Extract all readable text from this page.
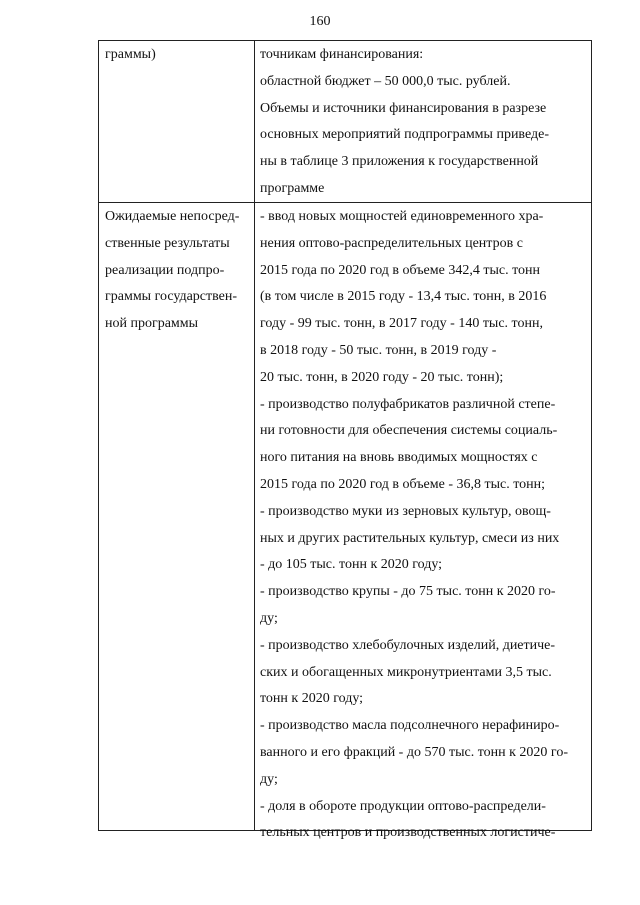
160
граммы)	точникам финансирования:
областной бюджет – 50 000,0 тыс. рублей.
Объемы и источники финансирования в разрезе
основных мероприятий подпрограммы приведе-
ны в таблице 3 приложения к государственной
программе
Ожидаемые непосред-
ственные результаты
реализации подпро-
граммы государствен-
ной программы
- ввод новых мощностей единовременного хра-
нения оптово-распределительных центров с
2015 года по 2020 год в объеме 342,4 тыс. тонн
(в том числе в 2015 году - 13,4 тыс. тонн, в 2016
году - 99 тыс. тонн, в 2017 году - 140 тыс. тонн,
в 2018 году - 50 тыс. тонн, в 2019 году -
20 тыс. тонн, в 2020 году - 20 тыс. тонн);
- производство полуфабрикатов различной степе-
ни готовности для обеспечения системы социаль-
ного питания на вновь вводимых мощностях с
2015 года по 2020 год в объеме - 36,8 тыс. тонн;
- производство муки из зерновых культур, овощ-
ных и других растительных культур, смеси из них
- до 105 тыс. тонн к 2020 году;
- производство крупы - до 75 тыс. тонн к 2020 го-
ду;
- производство хлебобулочных изделий, диетиче-
ских и обогащенных микронутриентами 3,5 тыс.
тонн к 2020 году;
- производство масла подсолнечного нерафиниро-
ванного и его фракций - до 570 тыс. тонн к 2020 го-
ду;
- доля в обороте продукции оптово-распредели-
тельных центров и производственных логистиче-
